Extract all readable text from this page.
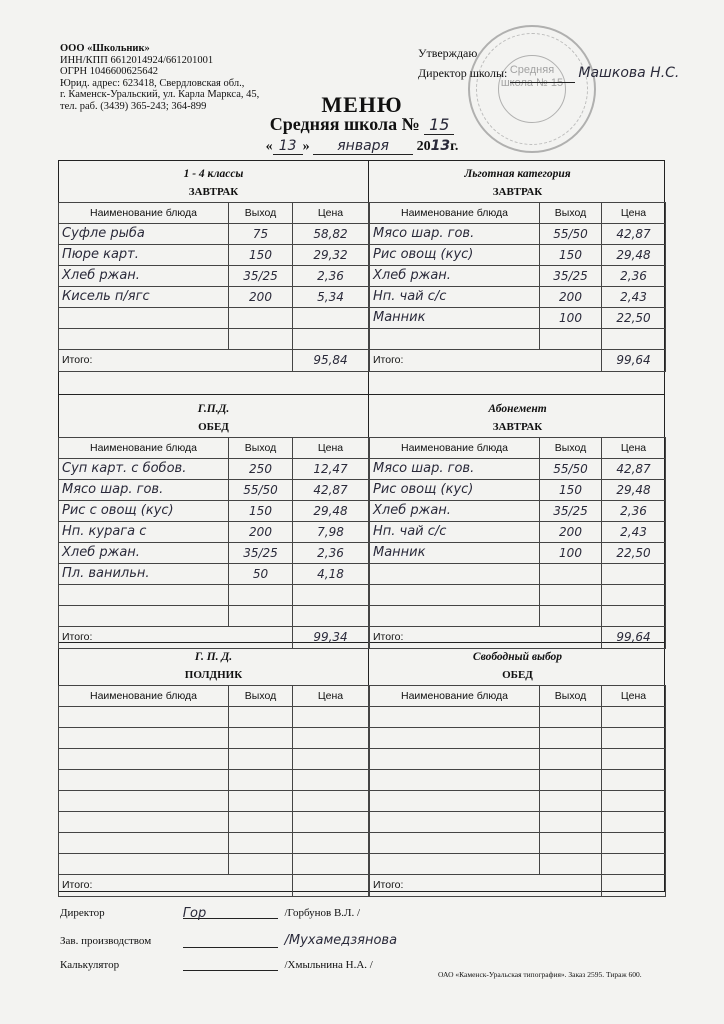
ООО «Школьник»
ИНН/КПП 6612014924/661201001
ОГРН 1046600625642
Юрид. адрес: 623418, Свердловская обл.,
г. Каменск-Уральский, ул. Карла Маркса, 45,
тел. раб. (3439) 365-243; 364-899
Средняя школа № 15
Утверждаю
Директор школы:	Машкова Н.С.
МЕНЮ
Средняя школа № 15
« 13 » января 2013г.
1 - 4 классы		
ЗАВТРАК		
Наименование блюда	Выход	Цена
Суфле рыба	75	58,82
Пюре карт.	150	29,32
Хлеб ржан.	35/25	2,36
Кисель п/ягс	200	5,34

Итого:		95,84
Льготная категория		
ЗАВТРАК		
Наименование блюда	Выход	Цена
Мясо шар. гов.	55/50	42,87
Рис овощ (кус)	150	29,48
Хлеб ржан.	35/25	2,36
Нп. чай с/с	200	2,43
Манник	100	22,50

Итого:		99,64
Г.П.Д.		
ОБЕД		
Наименование блюда	Выход	Цена
Суп карт. с бобов.	250	12,47
Мясо шар. гов.	55/50	42,87
Рис с овощ (кус)	150	29,48
Нп. курага с	200	7,98
Хлеб ржан.	35/25	2,36
Пл. ванильн.	50	4,18

Итого:		99,34
Абонемент		
ЗАВТРАК		
Наименование блюда	Выход	Цена
Мясо шар. гов.	55/50	42,87
Рис овощ (кус)	150	29,48
Хлеб ржан.	35/25	2,36
Нп. чай с/с	200	2,43
Манник	100	22,50

Итого:		99,64
Г. П. Д.		
ПОЛДНИК		
Наименование блюда	Выход	Цена

Итого:		
Свободный выбор		
ОБЕД		
Наименование блюда	Выход	Цена

Итого:		
Директор	Гор	/Горбунов В.Л. /
Зав. производством	/Мухамедзянова
Калькулятор	/Хмыльнина Н.А. /
ОАО «Каменск-Уральская типография». Заказ 2595. Тираж 600.
